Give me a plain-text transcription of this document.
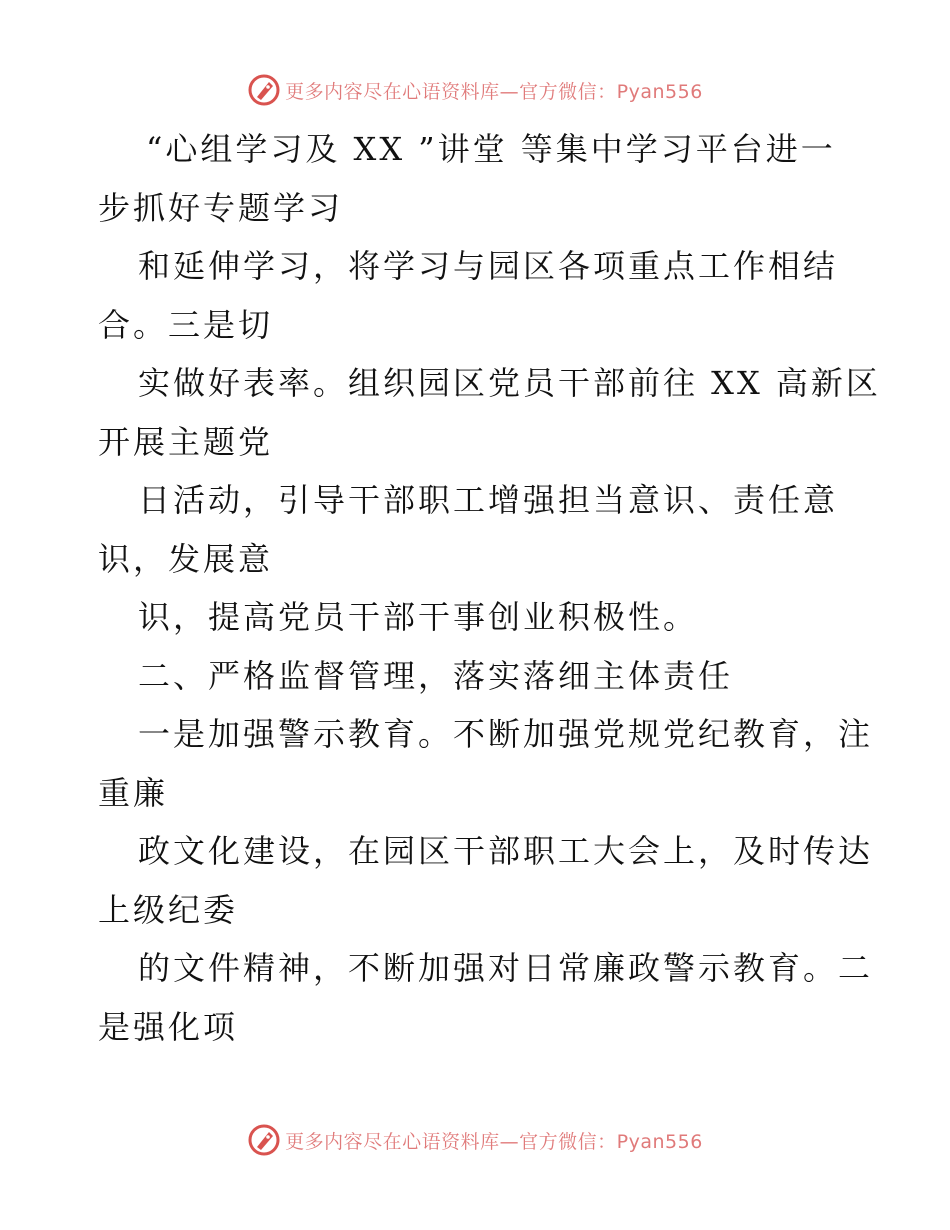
更多内容尽在心语资料库—官方微信：Pyan556
“心组学习及 XX ”讲堂 等集中学习平台进一
步抓好专题学习
和延伸学习，将学习与园区各项重点工作相结
合。三是切
实做好表率。组织园区党员干部前往 XX 高新区
开展主题党
日活动，引导干部职工增强担当意识、责任意
识，发展意
识，提高党员干部干事创业积极性。
二、严格监督管理，落实落细主体责任
一是加强警示教育。不断加强党规党纪教育，注
重廉
政文化建设，在园区干部职工大会上，及时传达
上级纪委
的文件精神，不断加强对日常廉政警示教育。二
是强化项
更多内容尽在心语资料库—官方微信：Pyan556
